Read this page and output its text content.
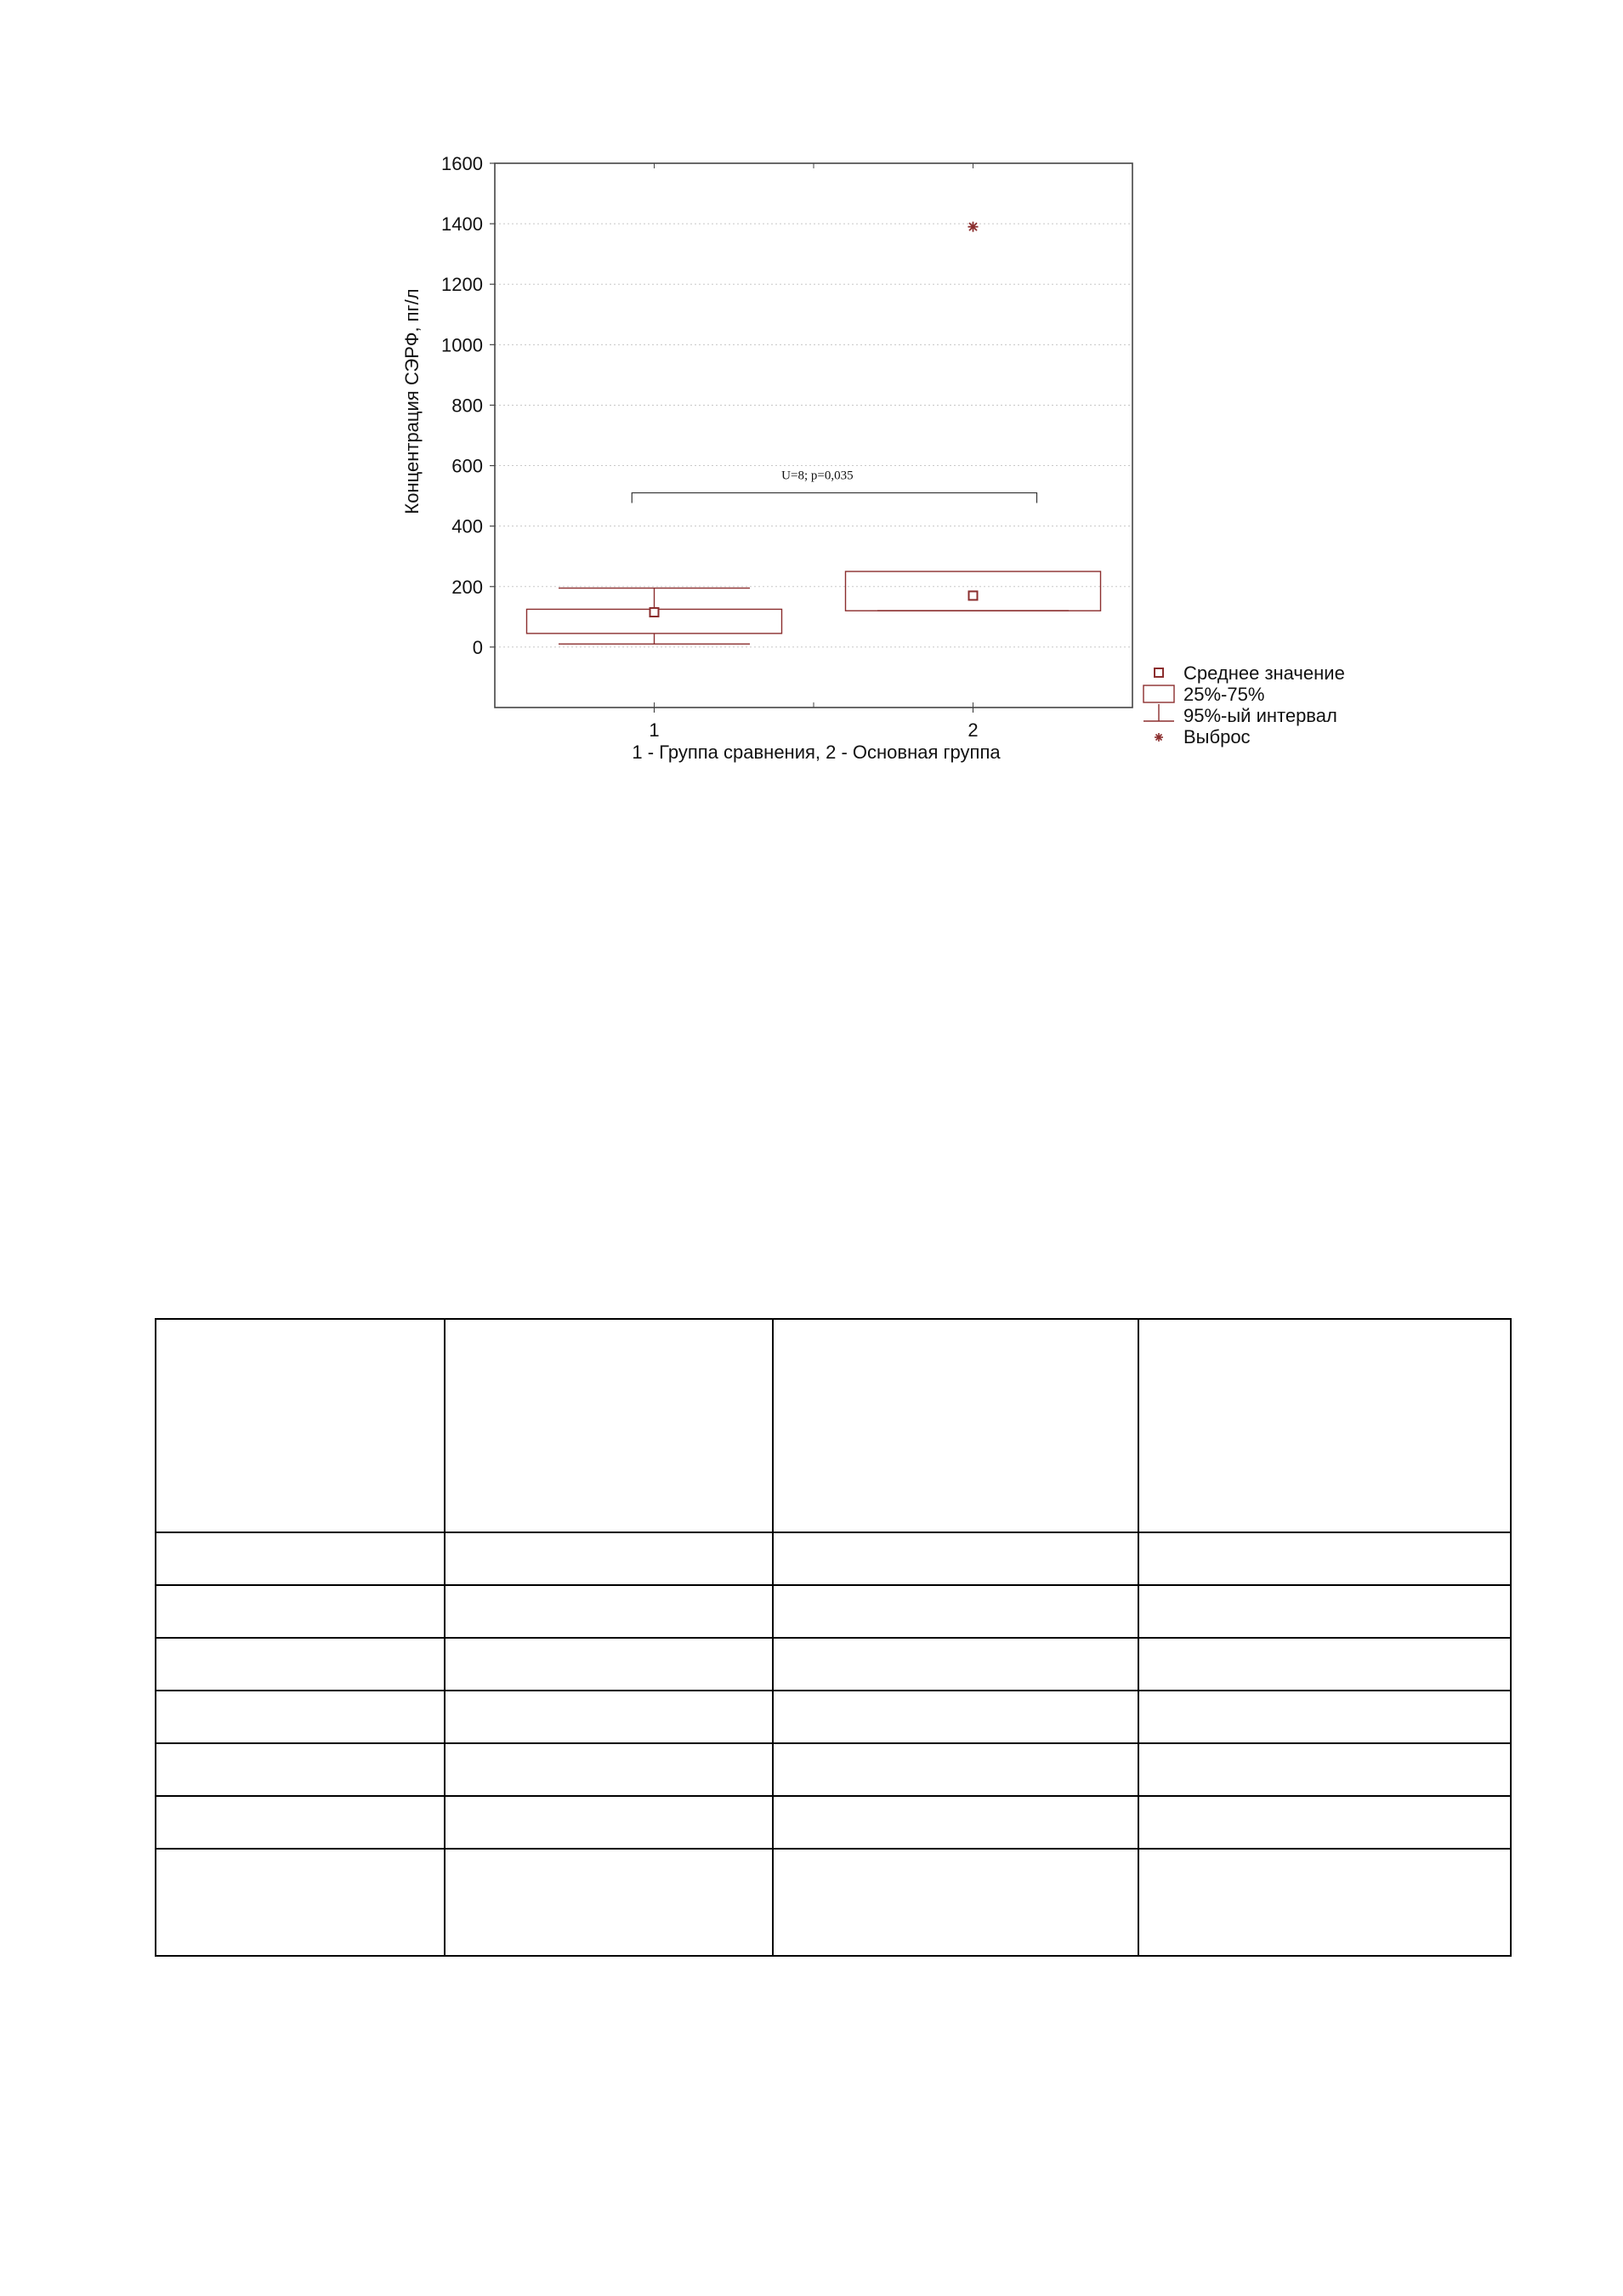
0
200
400
600
800
1000
1200
1400
1600
1	2
U=8; p=0,035
Концентрация СЭРФ, пг/л
1 - Группа сравнения, 2 - Основная группа
Среднее значение
25%-75%
95%-ый интервал
Выброс
